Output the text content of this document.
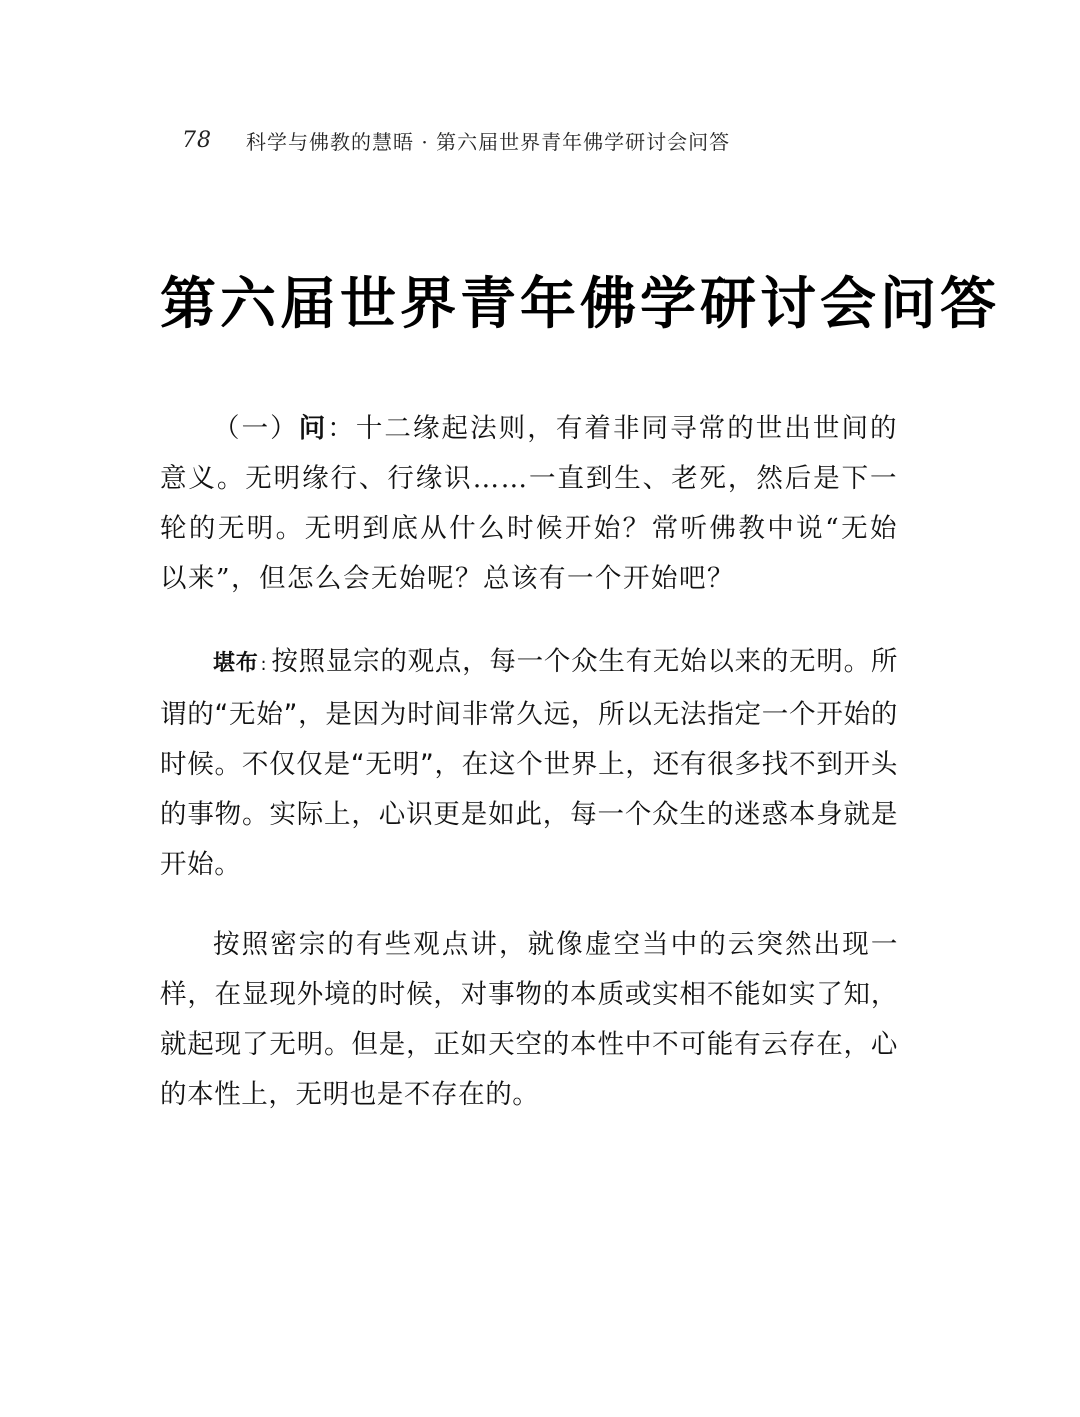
78	科学与佛教的慧晤 · 第六届世界青年佛学研讨会问答
第六届世界青年佛学研讨会问答

（一）问：十二缘起法则，有着非同寻常的世出世间的意义。无明缘行、行缘识……一直到生、老死，然后是下一轮的无明。无明到底从什么时候开始？常听佛教中说“无始以来”，但怎么会无始呢？总该有一个开始吧？

堪布 : 按照显宗的观点，每一个众生有无始以来的无明。所谓的“无始”，是因为时间非常久远，所以无法指定一个开始的时候。不仅仅是“无明”，在这个世界上，还有很多找不到开头的事物。实际上，心识更是如此，每一个众生的迷惑本身就是开始。

按照密宗的有些观点讲，就像虚空当中的云突然出现一样，在显现外境的时候，对事物的本质或实相不能如实了知，就起现了无明。但是，正如天空的本性中不可能有云存在，心的本性上，无明也是不存在的。
